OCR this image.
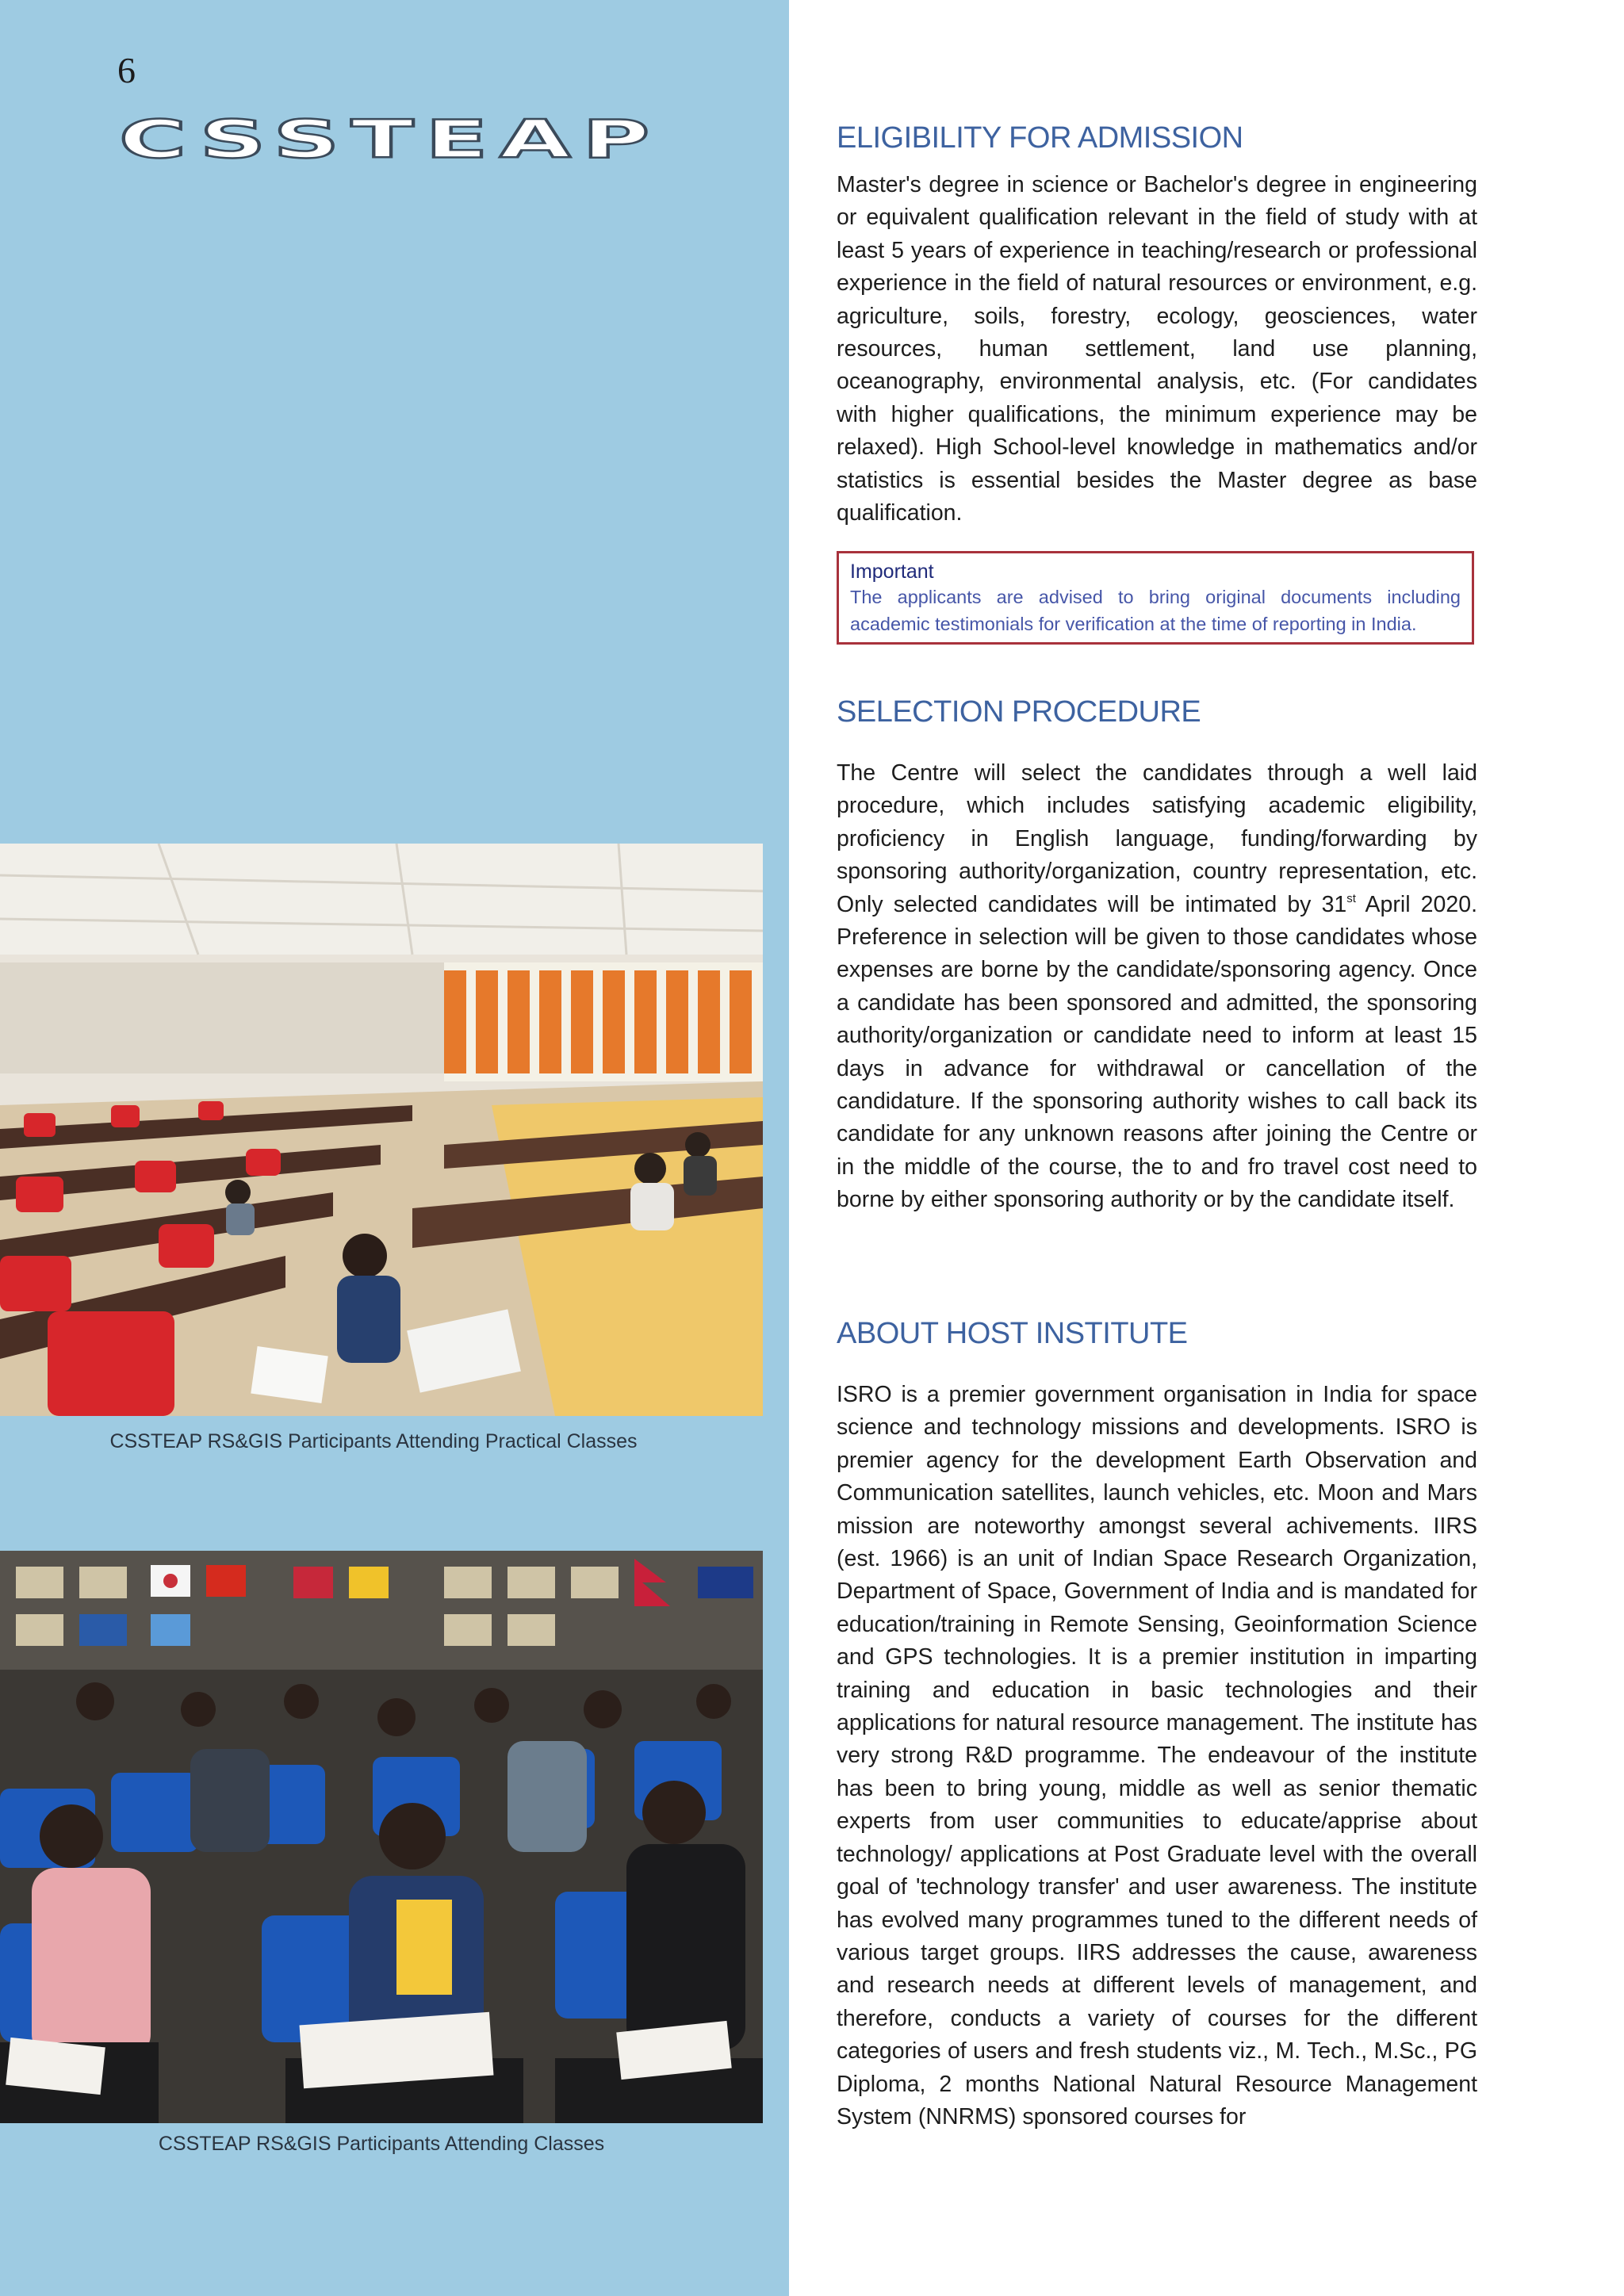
6
CSSTEAP
CSSTEAP RS&GIS Participants Attending Practical Classes
CSSTEAP RS&GIS Participants Attending Classes
ELIGIBILITY FOR ADMISSION
Master's degree in science or Bachelor's degree in engineering or equivalent qualification relevant in the field of study with at least 5 years of experience in teaching/research or professional experience in the field of natural resources or environment, e.g. agriculture, soils, forestry, ecology, geosciences, water resources, human settlement, land use planning, oceanography, environmental analysis, etc. (For candidates with higher qualifications, the minimum experience may be relaxed). High School-level knowledge in mathematics and/or statistics is essential besides the Master degree as base qualification.
Important
The applicants are advised to bring original documents including academic testimonials for verification at the time of reporting in India.
SELECTION PROCEDURE
The Centre will select the candidates through a well laid procedure, which includes satisfying academic eligibility, proficiency in English language, funding/forwarding by sponsoring authority/organization, country representation, etc. Only selected candidates will be intimated by 31st April 2020. Preference in selection will be given to those candidates whose expenses are borne by the candidate/sponsoring agency. Once a candidate has been sponsored and admitted, the sponsoring authority/organization or candidate need to inform at least 15 days in advance for withdrawal or cancellation of the candidature. If the sponsoring authority wishes to call back its candidate for any unknown reasons after joining the Centre or in the middle of the course, the to and fro travel cost need to borne by either sponsoring authority or by the candidate itself.
ABOUT HOST INSTITUTE
ISRO is a premier government organisation in India for space science and technology missions and developments. ISRO is premier agency for the development Earth Observation and Communication satellites, launch vehicles, etc. Moon and Mars mission are noteworthy amongst several achivements. IIRS (est. 1966) is an unit of Indian Space Research Organization, Department of Space, Government of India and is mandated for education/training in Remote Sensing, Geoinformation Science and GPS technologies. It is a premier institution in imparting training and education in basic technologies and their applications for natural resource management. The institute has very strong R&D programme. The endeavour of the institute has been to bring young, middle as well as senior thematic experts from user communities to educate/apprise about technology/ applications at Post Graduate level with the overall goal of 'technology transfer' and user awareness. The institute has evolved many programmes tuned to the different needs of various target groups. IIRS addresses the cause, awareness and research needs at different levels of management, and therefore, conducts a variety of courses for the different categories of users and fresh students viz., M. Tech., M.Sc., PG Diploma, 2 months National Natural Resource Management System (NNRMS) sponsored courses for
